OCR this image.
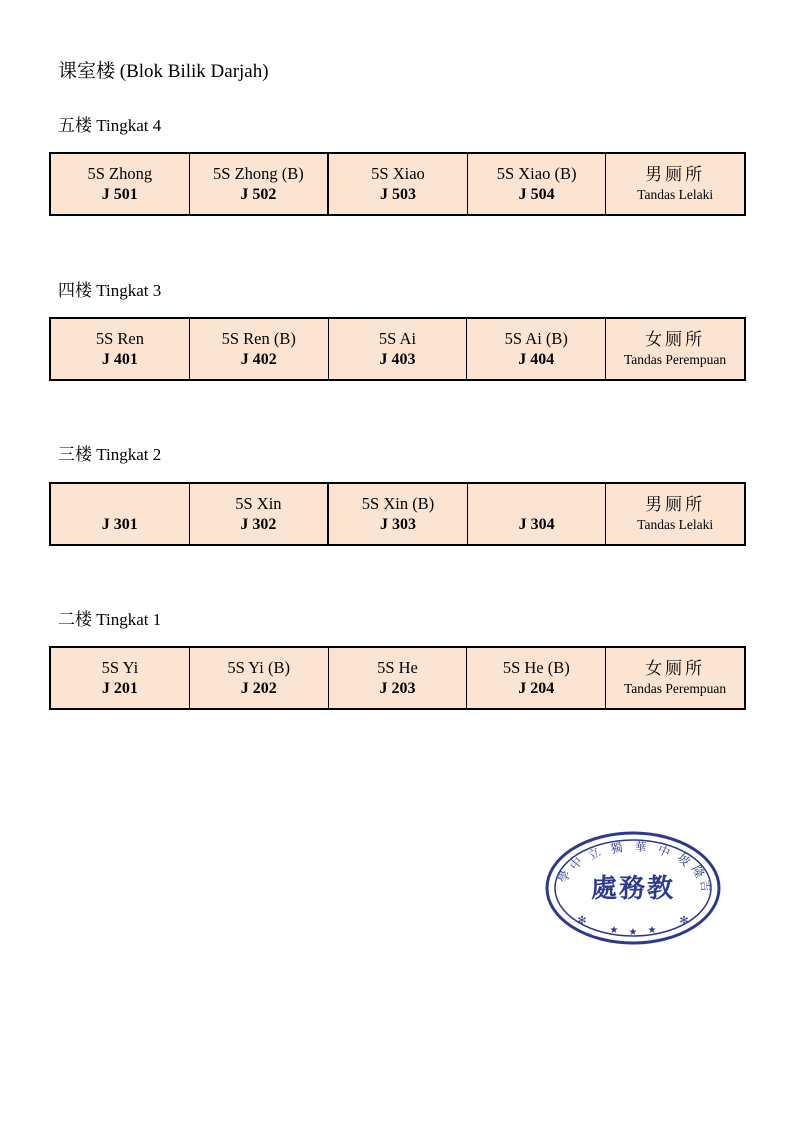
课室楼 (Blok Bilik Darjah)
五楼 Tingkat 4
5S Zhong
J 501
5S Zhong (B)
J 502
5S Xiao
J 503
5S Xiao (B)
J 504
男厕所
Tandas Lelaki
四楼 Tingkat 3
5S Ren
J 401
5S Ren (B)
J 402
5S Ai
J 403
5S Ai (B)
J 404
女厕所
Tandas Perempuan
三楼 Tingkat 2
J 301
5S Xin
J 302
5S Xin (B)
J 303	J 304
男厕所
Tandas Lelaki
二楼 Tingkat 1
5S Yi
J 201
5S Yi (B)
J 202
5S He
J 203
5S He (B)
J 204
女厕所
Tandas Perempuan
學
中
立 獨 華 中 坡
隆
吉
處務教
✻
★ ★ ★
✻
